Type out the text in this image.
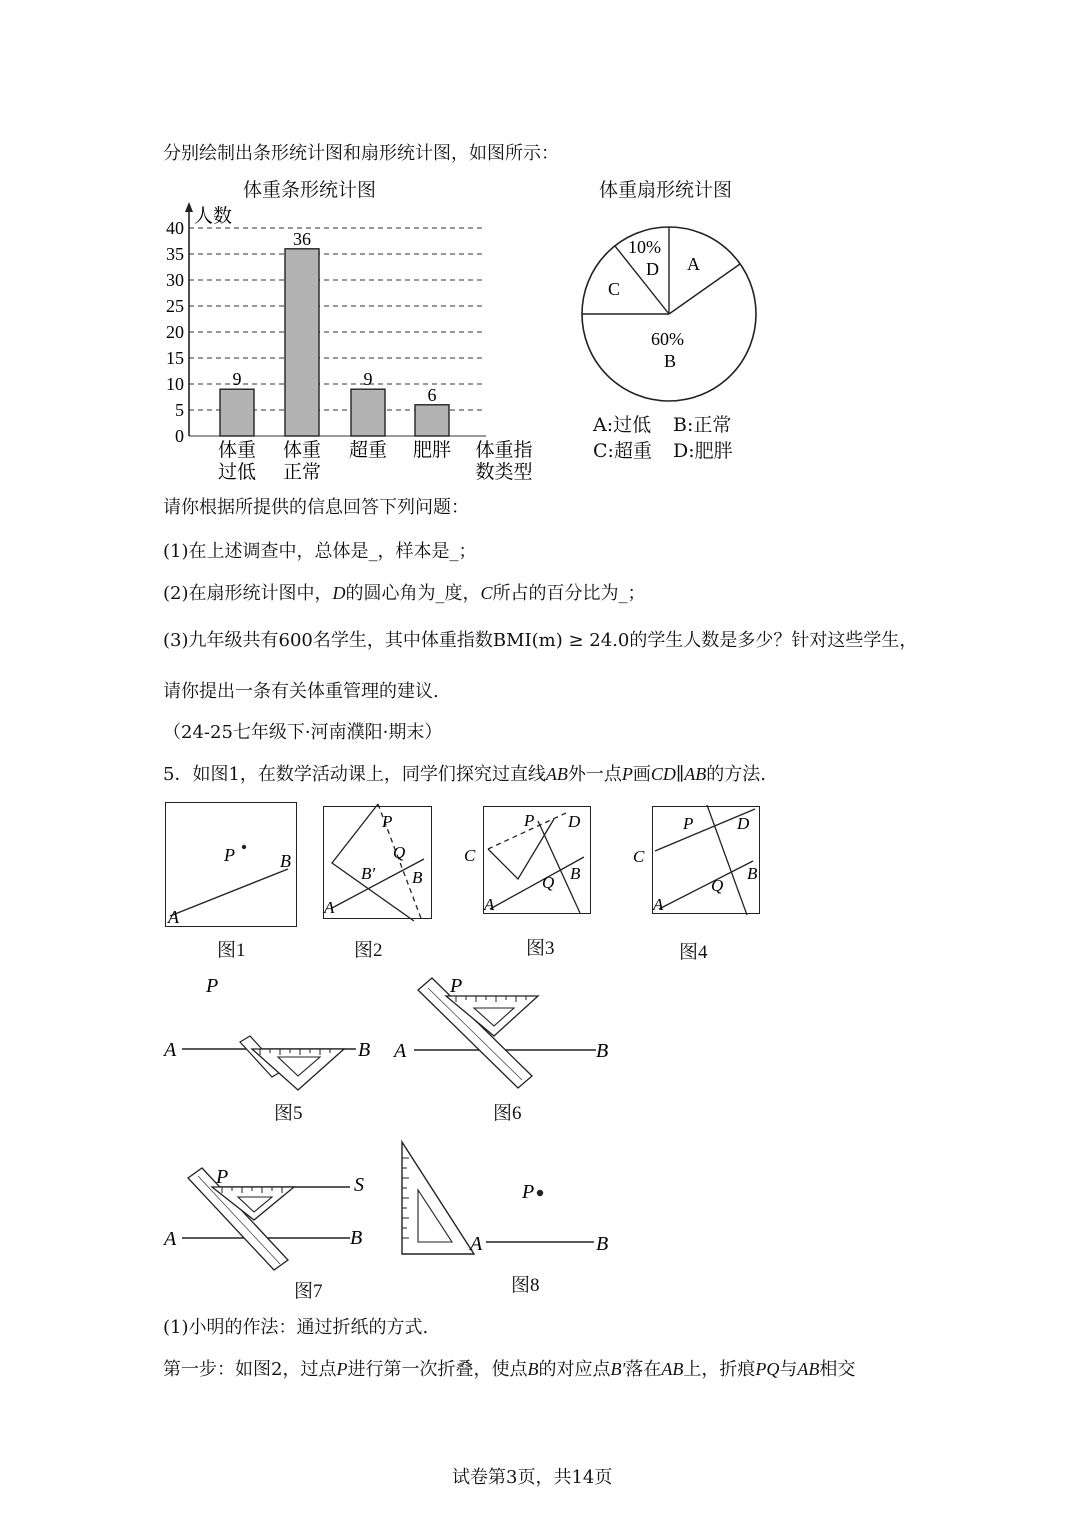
分别绘制出条形统计图和扇形统计图，如图所示：
体重条形统计图	体重扇形统计图
人数
0
5
10
15
20
25
30
35
40
体重
过低
体重
正常
超重 肥胖
9
36
9
6
体重指
数类型
10%
D A
C
60%
B
A:过低 B:正常
C:超重 D:肥胖
请你根据所提供的信息回答下列问题：
(1)在上述调查中，总体是_，样本是_；
(2)在扇形统计图中，D的圆心角为_度，C所占的百分比为_；
(3)九年级共有600名学生，其中体重指数BMI(m) ≥ 24.0的学生人数是多少？针对这些学生，
请你提出一条有关体重管理的建议.
（24-25七年级下·河南濮阳·期末）
5．如图1，在数学活动课上，同学们探究过直线AB外一点P画CD∥AB的方法.
P	B
A
图1
P
Q
B′ B
A
图2
P D
C
Q B
A
图3
P	D
C
Q
B
A
图4
P
A	B
图5
A	B
P
图6
P	S
A	B
图7
A	B
P
图8
(1)小明的作法：通过折纸的方式.
第一步：如图2，过点P进行第一次折叠，使点B的对应点B′落在AB上，折痕PQ与AB相交
试卷第3页，共14页
